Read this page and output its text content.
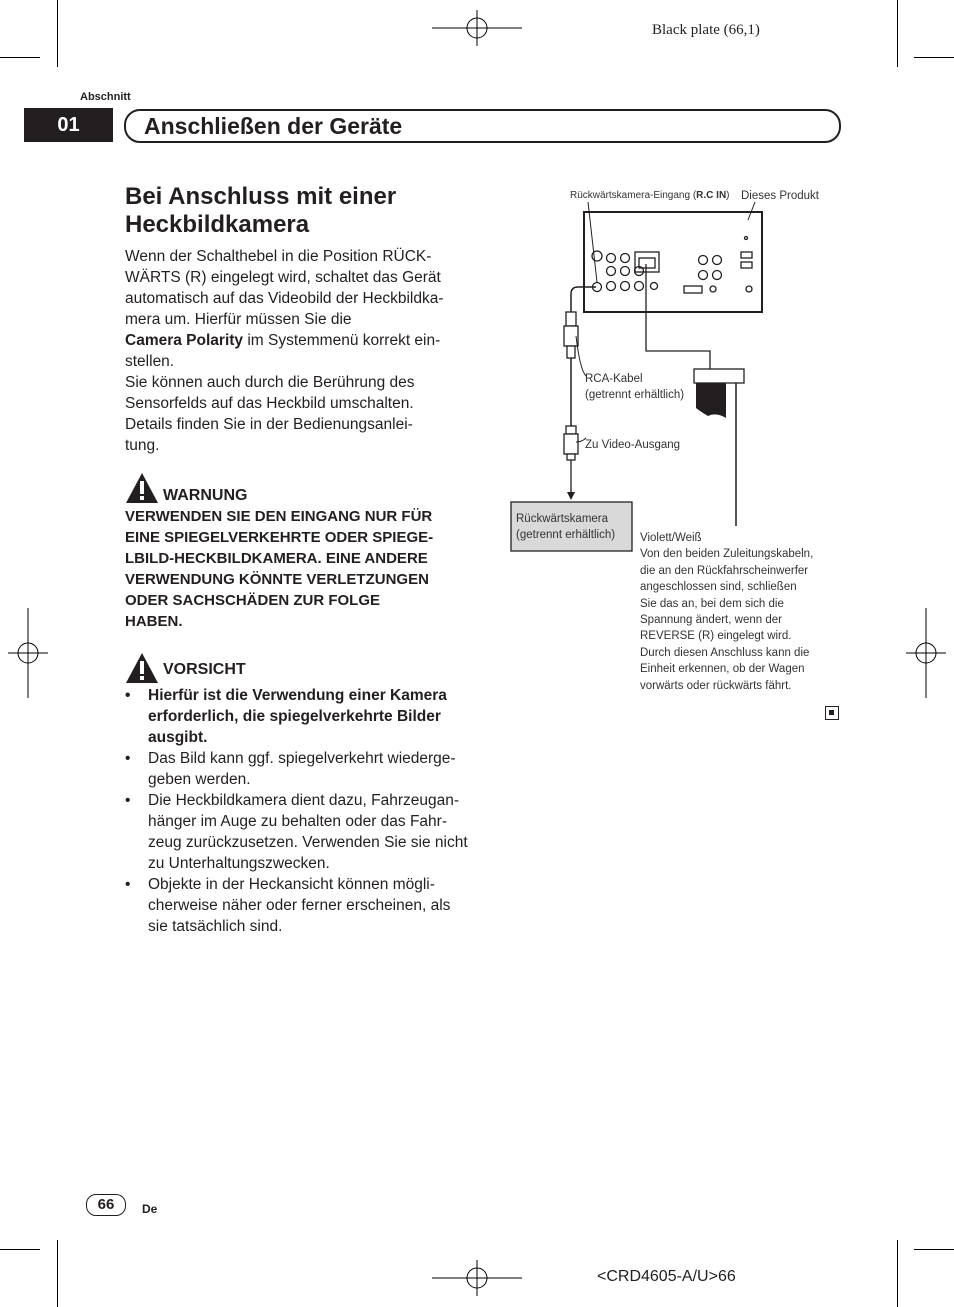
Black plate (66,1)
Abschnitt
01	Anschließen der Geräte
Bei Anschluss mit einer Heckbildkamera

Wenn der Schalthebel in die Position RÜCK-

WÄRTS (R) eingelegt wird, schaltet das Gerät

automatisch auf das Videobild der Heckbildka-

mera um. Hierfür müssen Sie die

Camera Polarity im Systemmenü korrekt ein-

stellen.

Sie können auch durch die Berührung des

Sensorfelds auf das Heckbild umschalten.

Details finden Sie in der Bedienungsanlei-

tung.

WARNUNG
VERWENDEN SIE DEN EINGANG NUR FÜR
EINE SPIEGELVERKEHRTE ODER SPIEGE-
LBILD-HECKBILDKAMERA. EINE ANDERE
VERWENDUNG KÖNNTE VERLETZUNGEN
ODER SACHSCHÄDEN ZUR FOLGE
HABEN.
VORSICHT
• Hierfür ist die Verwendung einer Kamera
erforderlich, die spiegelverkehrte Bilder
ausgibt.
• Das Bild kann ggf. spiegelverkehrt wiederge-
geben werden.
• Die Heckbildkamera dient dazu, Fahrzeugan-
hänger im Auge zu behalten oder das Fahr-
zeug zurückzusetzen. Verwenden Sie sie nicht
zu Unterhaltungszwecken.
• Objekte in der Heckansicht können mögli-
cherweise näher oder ferner erscheinen, als
sie tatsächlich sind.
Rückwärtskamera-Eingang (R.C IN) Dieses Produkt
RCA-Kabel
(getrennt erhältlich)
Zu Video-Ausgang
Rückwärtskamera
(getrennt erhältlich) Violett/Weiß
Von den beiden Zuleitungskabeln,
die an den Rückfahrscheinwerfer
angeschlossen sind, schließen
Sie das an, bei dem sich die
Spannung ändert, wenn der
REVERSE (R) eingelegt wird.
Durch diesen Anschluss kann die
Einheit erkennen, ob der Wagen
vorwärts oder rückwärts fährt.
66	De
<CRD4605-A/U>66
